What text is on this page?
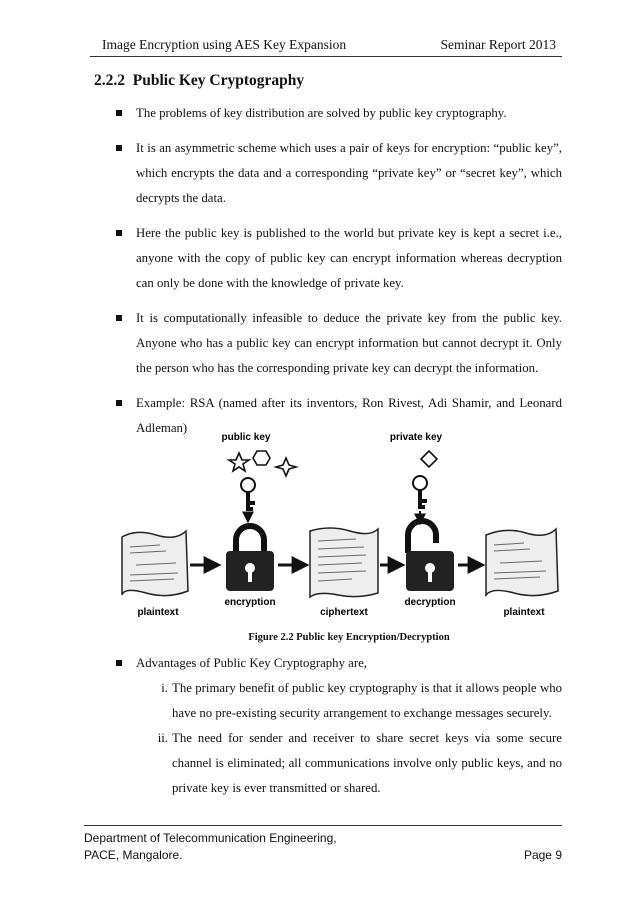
Image Encryption using AES Key Expansion	Seminar Report 2013
2.2.2 Public Key Cryptography
The problems of key distribution are solved by public key cryptography.
It is an asymmetric scheme which uses a pair of keys for encryption: “public key”, which encrypts the data and a corresponding “private key” or “secret key”, which decrypts the data.
Here the public key is published to the world but private key is kept a secret i.e., anyone with the copy of public key can encrypt information whereas decryption can only be done with the knowledge of private key.
It is computationally infeasible to deduce the private key from the public key. Anyone who has a public key can encrypt information but cannot decrypt it. Only the person who has the corresponding private key can decrypt the information.
Example: RSA (named after its inventors, Ron Rivest, Adi Shamir, and Leonard Adleman)
public key	private key
plaintext
encryption
ciphertext
decryption
plaintext
Figure 2.2 Public key Encryption/Decryption
Advantages of Public Key Cryptography are,
i. The primary benefit of public key cryptography is that it allows people who have no pre-existing security arrangement to exchange messages securely.
ii. The need for sender and receiver to share secret keys via some secure channel is eliminated; all communications involve only public keys, and no private key is ever transmitted or shared.
Department of Telecommunication Engineering,
PACE, Mangalore.	Page 9
